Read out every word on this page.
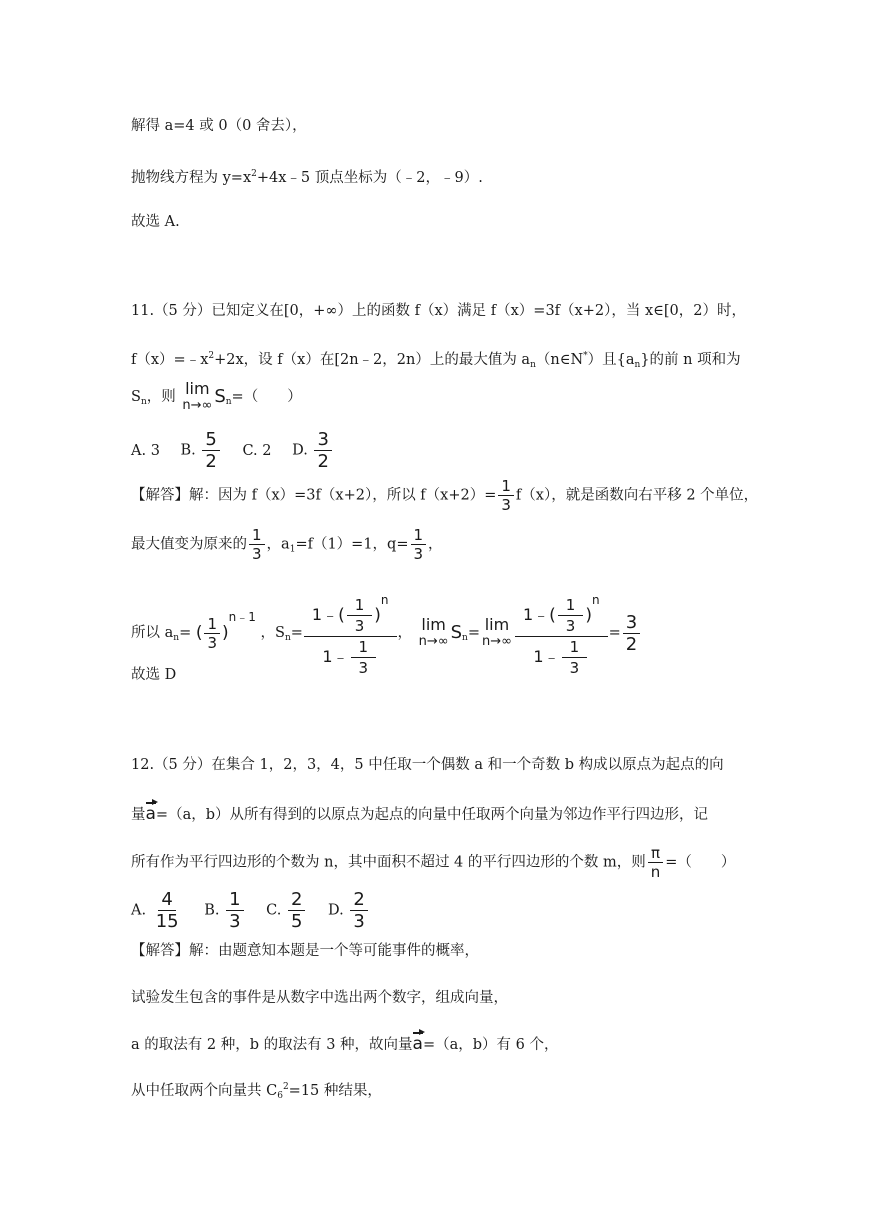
解得 a=4 或 0（0 舍去），
抛物线方程为 $y=x^2+4x﹣5$ 顶点坐标为（﹣2，﹣9）.
故选 A.
11.（5 分）已知定义在[0，+∞）上的函数 f（x）满足 f（x）=3f（x+2），当 x∈[0，2）时，
$f(x)=﹣x^2+2x$，设 f（x）在[2n﹣2，2n）上的最大值为 $a_n(n\in N^*)$且$\{a_n\}$的前 n 项和为
$S_n$，则 lim
n→∞ $S_n=$（　　）
A. 3 B. $\frac{5}{2} C$. 2 D. $\frac{3}{2}$
【解答】解：因为 f（x）=3f（x+2），所以 $f(x+2)= \frac{1}{3} f(x)$，就是函数向右平移 2 个单位，
最大值变为原来的 $\frac{1}{3}$ ，$a_1=f(1)=1$，$q= \frac{1}{3}$ ，
所以 $a_n=$ ( $\frac{1}{3} )^{n﹣1}$ ，$S_n= \frac{1﹣( \frac{1}{3} )^n}{1﹣ \frac{1}{3}}$ ， lim
n→∞ $S_n= \lim$
$n\to\infty \frac{1﹣( \frac{1}{3} )^n}{1﹣ \frac{1}{3}} = \frac{3}{2}$
故选 D
12.（5 分）在集合 1，2，3，4，5 中任取一个偶数 a 和一个奇数 b 构成以原点为起点的向
量a=（a，b）从所有得到的以原点为起点的向量中任取两个向量为邻边作平行四边形，记
所有作为平行四边形的个数为 n，其中面积不超过 4 的平行四边形的个数 m，则 $\frac{\pi}{n}$ =（　　）
A. $\frac{4}{15} B$. $\frac{1}{3} C$. $\frac{2}{5} D$. $\frac{2}{3}$
【解答】解：由题意知本题是一个等可能事件的概率，
试验发生包含的事件是从数字中选出两个数字，组成向量，
a 的取法有 2 种，b 的取法有 3 种，故向量a=（a，b）有 6 个，
从中任取两个向量共 $C_6^2=15$ 种结果，
